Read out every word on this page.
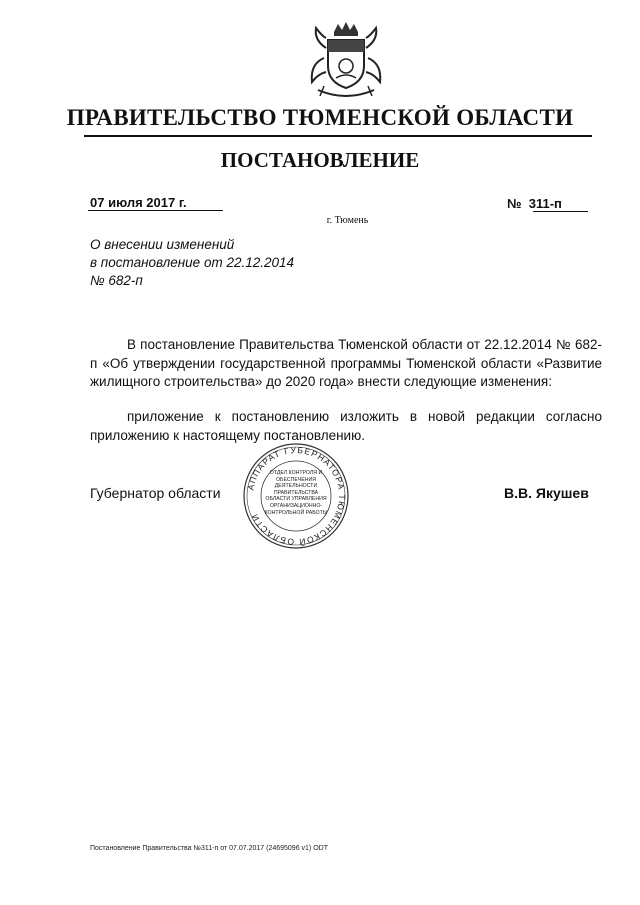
ПРАВИТЕЛЬСТВО ТЮМЕНСКОЙ ОБЛАСТИ
ПОСТАНОВЛЕНИЕ
07 июля 2017 г.	№  311-п
г. Тюмень
О внесении изменений
в постановление от 22.12.2014
№ 682-п
В постановление Правительства Тюменской области от 22.12.2014 № 682-п «Об утверждении государственной программы Тюменской области «Развитие жилищного строительства» до 2020 года» внести следующие изменения:
приложение к постановлению изложить в новой редакции согласно приложению к настоящему постановлению.
Губернатор области	В.В. Якушев
АППАРАТ ГУБЕРНАТОРА ТЮМЕНСКОЙ ОБЛАСТИ
ОТДЕЛ КОНТРОЛЯ И ОБЕСПЕЧЕНИЯ ДЕЯТЕЛЬНОСТИ ПРАВИТЕЛЬСТВА ОБЛАСТИ УПРАВЛЕНИЯ ОРГАНИЗАЦИОННО-КОНТРОЛЬНОЙ РАБОТЫ
Постановление Правительства №311-п от 07.07.2017 (24695096 v1) ODT
